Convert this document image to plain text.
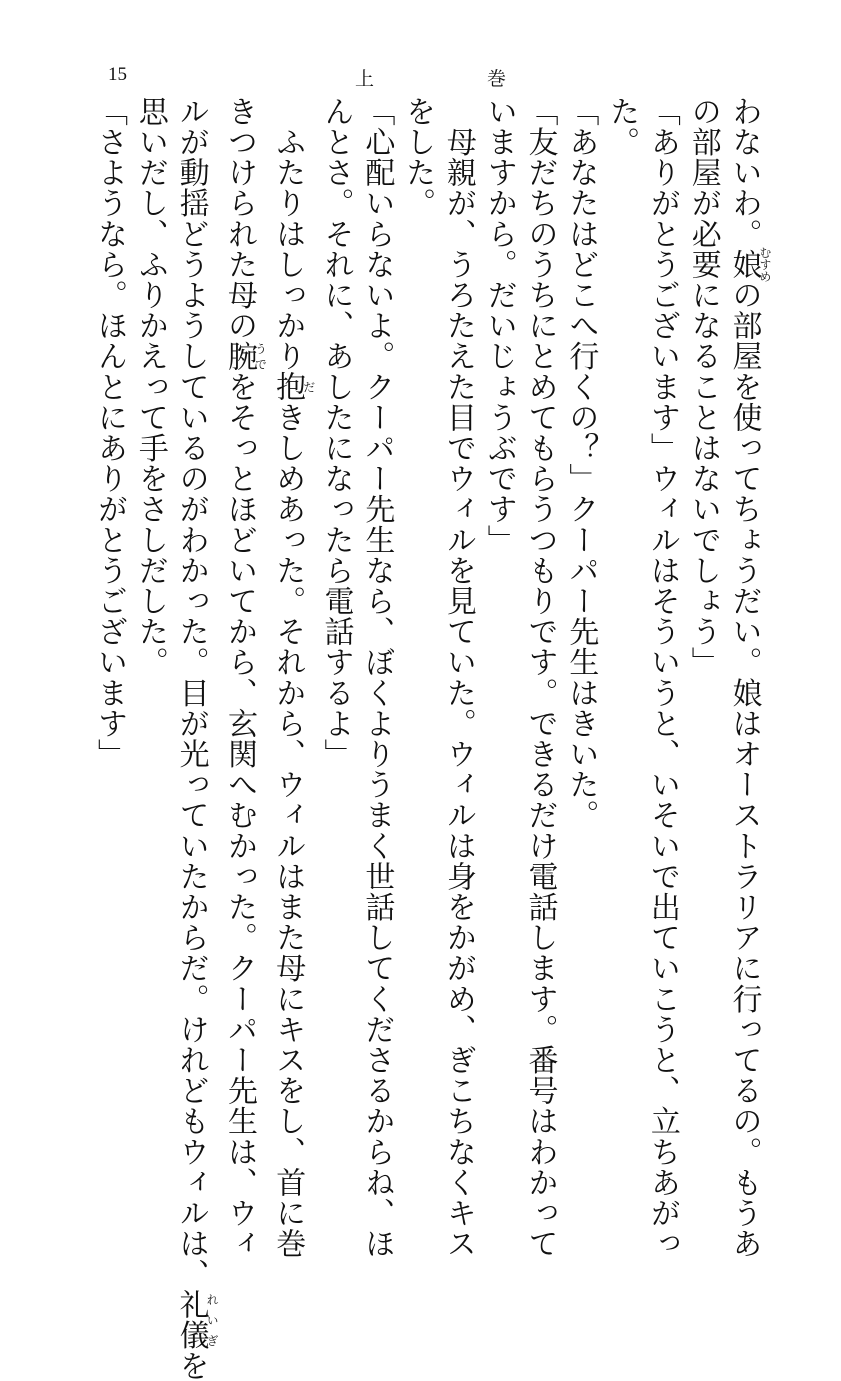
15	上	巻
わないわ。娘むすめの部屋を使ってちょうだい。娘はオーストラリアに行ってるの。もうあ
の部屋が必要になることはないでしょう」
「ありがとうございます」ウィルはそういうと、いそいで出ていこうと、立ちあがっ
た。
「あなたはどこへ行くの？」クーパー先生はきいた。
「友だちのうちにとめてもらうつもりです。できるだけ電話します。番号はわかって
いますから。だいじょうぶです」
　母親が、うろたえた目でウィルを見ていた。ウィルは身をかがめ、ぎこちなくキス
をした。
「心配いらないよ。クーパー先生なら、ぼくよりうまく世話してくださるからね、ほ
んとさ。それに、あしたになったら電話するよ」
　ふたりはしっかり抱だきしめあった。それから、ウィルはまた母にキスをし、首に巻
きつけられた母の腕うでをそっとほどいてから、玄関へむかった。クーパー先生は、ウィ
ルが動揺どうようしているのがわかった。目が光っていたからだ。けれどもウィルは、礼儀れいぎを
思いだし、ふりかえって手をさしだした。
「さようなら。ほんとにありがとうございます」
